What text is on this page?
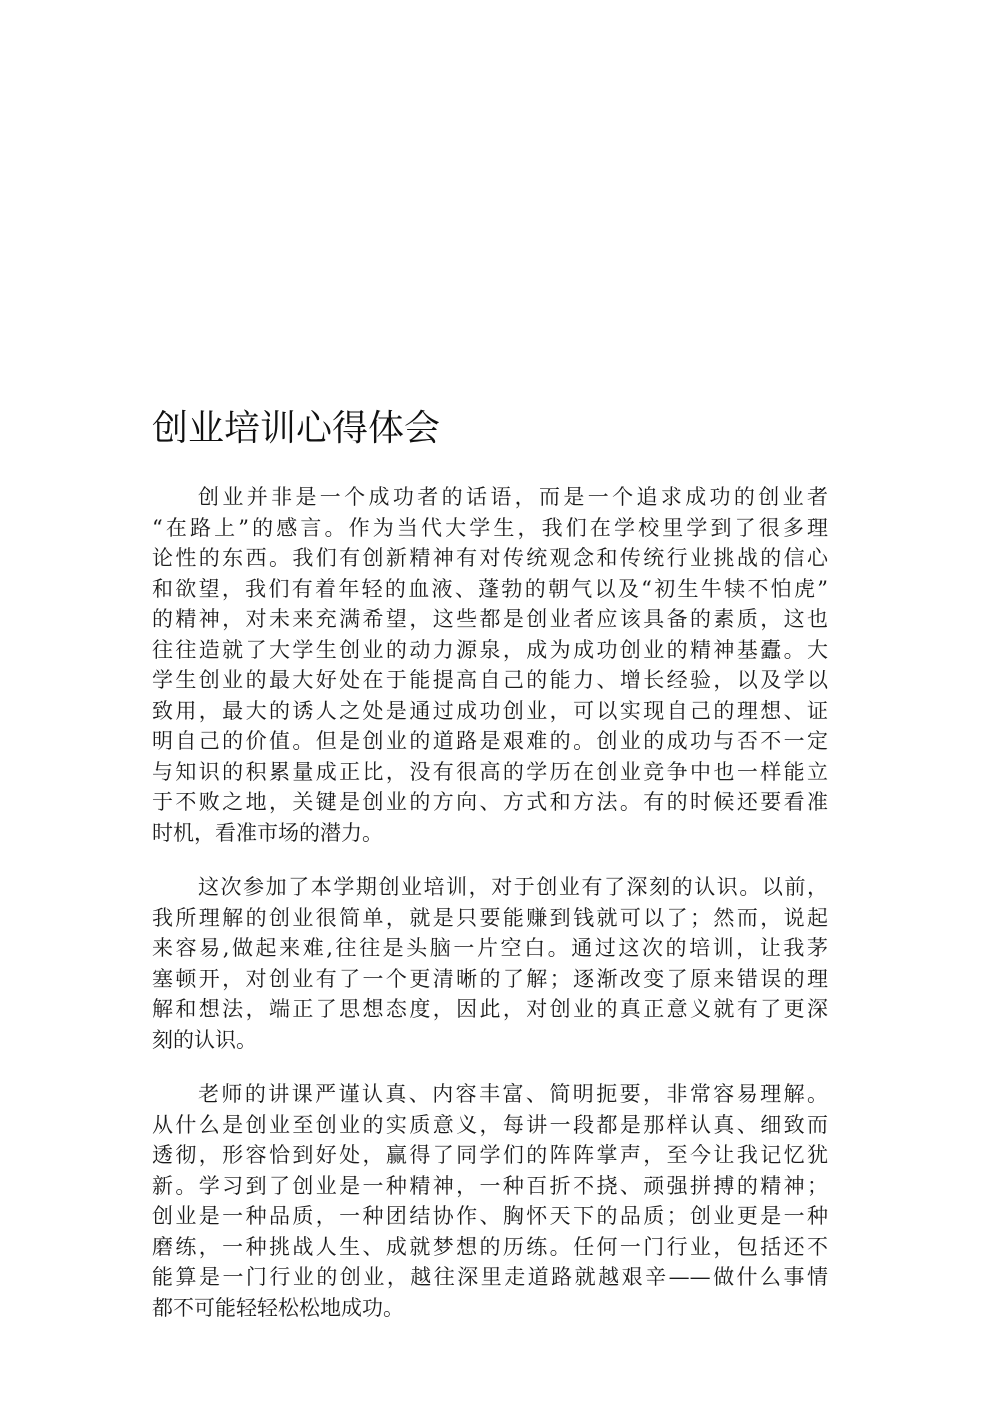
创业培训心得体会
创业并非是一个成功者的话语，而是一个追求成功的创业者
“在路上”的感言。作为当代大学生，我们在学校里学到了很多理
论性的东西。我们有创新精神有对传统观念和传统行业挑战的信心
和欲望，我们有着年轻的血液、蓬勃的朝气以及“初生牛犊不怕虎”
的精神，对未来充满希望，这些都是创业者应该具备的素质，这也
往往造就了大学生创业的动力源泉，成为成功创业的精神基蠹。大
学生创业的最大好处在于能提高自己的能力、增长经验，以及学以
致用，最大的诱人之处是通过成功创业，可以实现自己的理想、证
明自己的价值。但是创业的道路是艰难的。创业的成功与否不一定
与知识的积累量成正比，没有很高的学历在创业竞争中也一样能立
于不败之地，关键是创业的方向、方式和方法。有的时候还要看准
时机，看准市场的潜力。
这次参加了本学期创业培训，对于创业有了深刻的认识。以前，
我所理解的创业很简单，就是只要能赚到钱就可以了；然而，说起
来容易,做起来难,往往是头脑一片空白。通过这次的培训，让我茅
塞顿开，对创业有了一个更清晰的了解；逐渐改变了原来错误的理
解和想法，端正了思想态度，因此，对创业的真正意义就有了更深
刻的认识。
老师的讲课严谨认真、内容丰富、简明扼要，非常容易理解。
从什么是创业至创业的实质意义，每讲一段都是那样认真、细致而
透彻，形容恰到好处，赢得了同学们的阵阵掌声，至今让我记忆犹
新。学习到了创业是一种精神，一种百折不挠、顽强拼搏的精神；
创业是一种品质，一种团结协作、胸怀天下的品质；创业更是一种
磨练，一种挑战人生、成就梦想的历练。任何一门行业，包括还不
能算是一门行业的创业，越往深里走道路就越艰辛——做什么事情
都不可能轻轻松松地成功。
